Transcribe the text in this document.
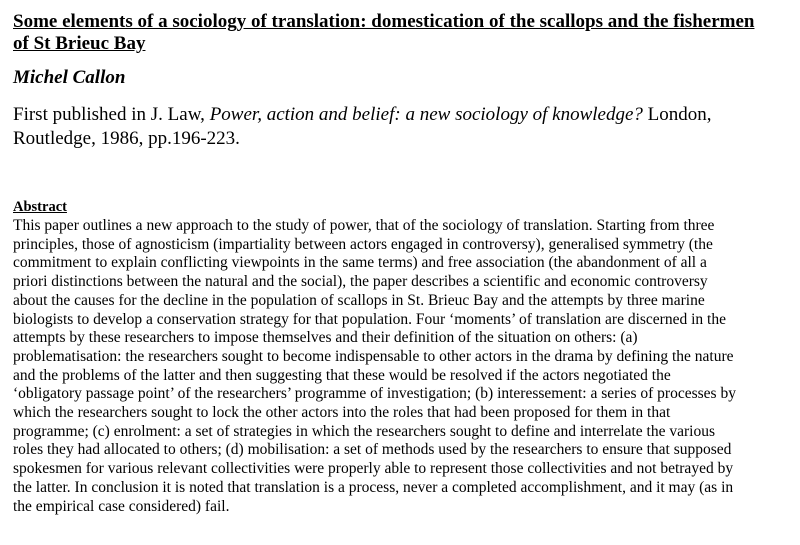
Some elements of a sociology of translation: domestication of the scallops and the fishermen
of St Brieuc Bay
Michel Callon
First published in J. Law, Power, action and belief: a new sociology of knowledge? London,
Routledge, 1986, pp.196-223.
Abstract
This paper outlines a new approach to the study of power, that of the sociology of translation. Starting from three
principles, those of agnosticism (impartiality between actors engaged in controversy), generalised symmetry (the
commitment to explain conflicting viewpoints in the same terms) and free association (the abandonment of all a
priori distinctions between the natural and the social), the paper describes a scientific and economic controversy
about the causes for the decline in the population of scallops in St. Brieuc Bay and the attempts by three marine
biologists to develop a conservation strategy for that population. Four ‘moments’ of translation are discerned in the
attempts by these researchers to impose themselves and their definition of the situation on others: (a)
problematisation: the researchers sought to become indispensable to other actors in the drama by defining the nature
and the problems of the latter and then suggesting that these would be resolved if the actors negotiated the
‘obligatory passage point’ of the researchers’ programme of investigation; (b) interessement: a series of processes by
which the researchers sought to lock the other actors into the roles that had been proposed for them in that
programme; (c) enrolment: a set of strategies in which the researchers sought to define and interrelate the various
roles they had allocated to others; (d) mobilisation: a set of methods used by the researchers to ensure that supposed
spokesmen for various relevant collectivities were properly able to represent those collectivities and not betrayed by
the latter. In conclusion it is noted that translation is a process, never a completed accomplishment, and it may (as in
the empirical case considered) fail.
